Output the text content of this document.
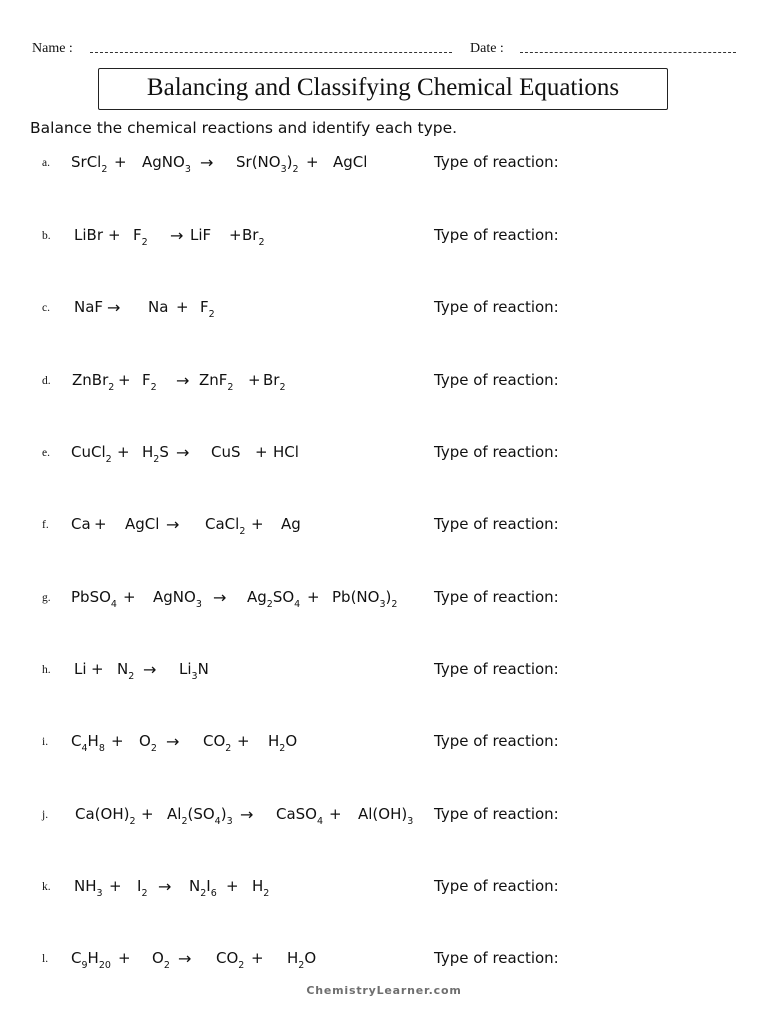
Name :	Date :
Balancing and Classifying Chemical Equations
Balance the chemical reactions and identify each type.
a. SrCl$_2$ + AgNO$_3$ → $Sr(NO_3)_2$ + AgCl	Type of reaction:
b. LiBr + $F_2$ → LiF + $Br_2$	Type of reaction:
c. NaF → $Na + F_2$	Type of reaction:
d. ZnBr$_2$ + $F_2 \to ZnF_2 + Br_2$	Type of reaction:
e. CuCl$_2$ + $H_2S$ → CuS + HCl	Type of reaction:
f. Ca + AgCl → CaCl$_2$ + Ag	Type of reaction:
g. PbSO$_4$ + AgNO$_3$ → $Ag_2SO_4 + Pb(NO_3)_2$ Type of reaction:
h. $Li + N_2 \to Li_3N$	Type of reaction:
i. $C_4H_8 + O_2 \to CO_2 + H_2O$	Type of reaction:
j. $Ca(OH)_2 + Al_2(SO_4)_3$ → CaSO$_4$ + $Al(OH)_3$ Type of reaction:
k. $NH_3 + I_2 \to N_2I_6 + H_2$	Type of reaction:
l. $C_9H_{20} + O_2 \to CO_2 + H_2O$	Type of reaction:
ChemistryLearner.com
